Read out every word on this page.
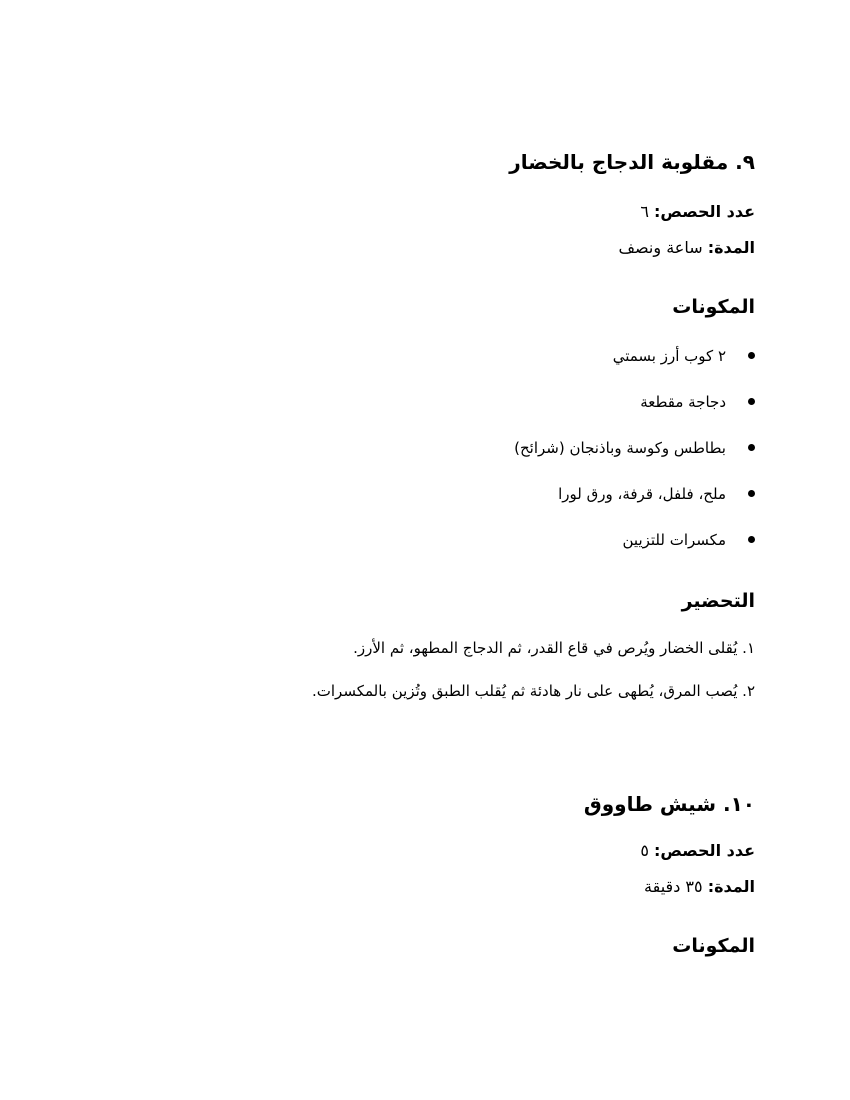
٩. مقلوبة الدجاج بالخضار
عدد الحصص: ٦
المدة: ساعة ونصف
المكونات
٢ كوب أرز بسمتي
دجاجة مقطعة
بطاطس وكوسة وباذنجان (شرائح)
ملح، فلفل، قرفة، ورق لورا
مكسرات للتزيين
التحضير
١. يُقلى الخضار ويُرص في قاع القدر، ثم الدجاج المطهو، ثم الأرز.
٢. يُصب المرق، يُطهى على نار هادئة ثم يُقلب الطبق وتُزين بالمكسرات.
١٠. شيش طاووق
عدد الحصص: ٥
المدة: ٣٥ دقيقة
المكونات
